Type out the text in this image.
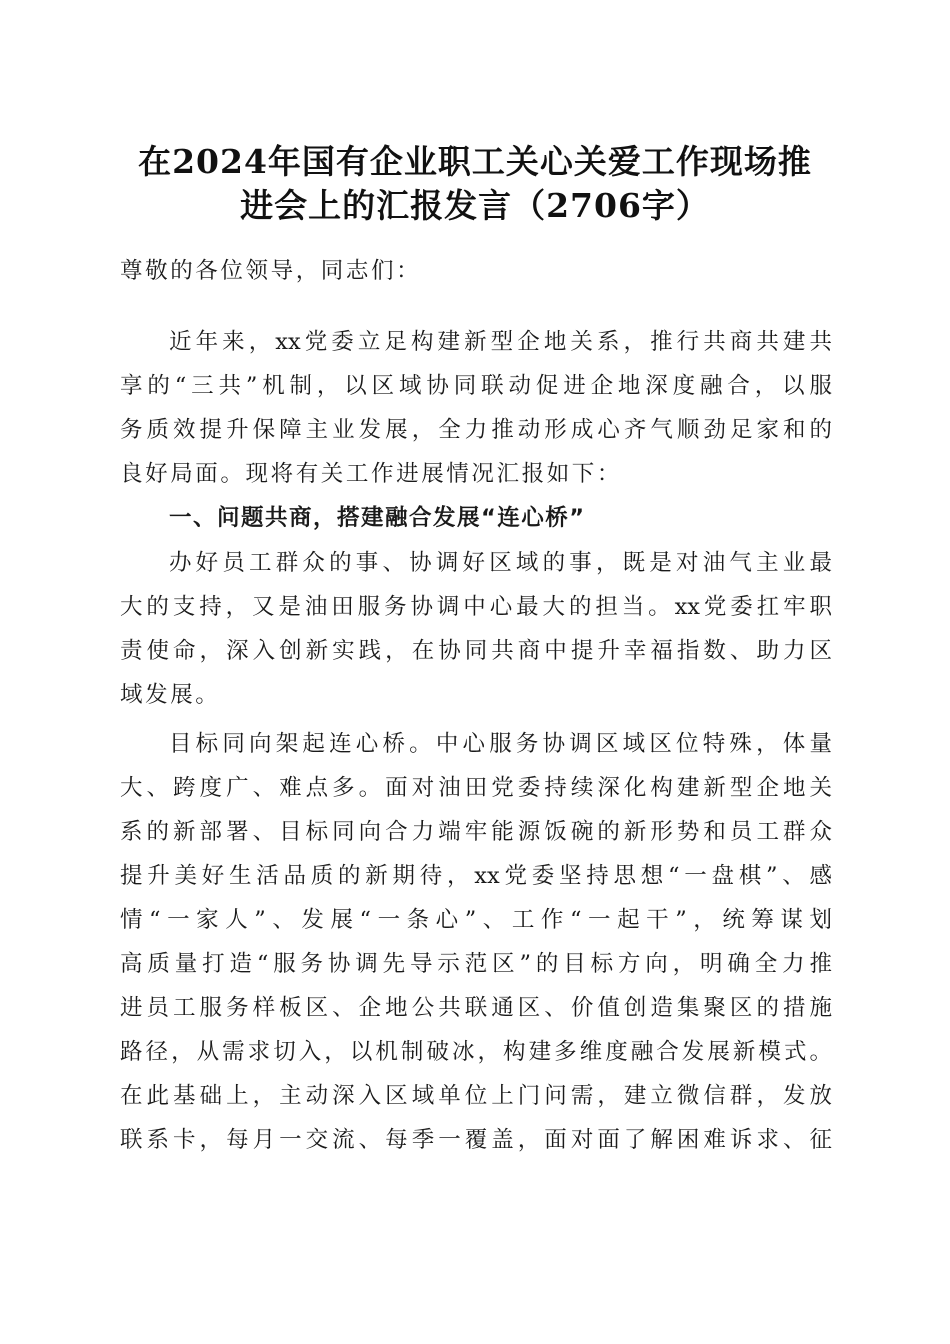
在2024年国有企业职工关心关爱工作现场推
进会上的汇报发言（2706字）
尊敬的各位领导，同志们：
近年来，xx党委立足构建新型企地关系，推行共商共建共
享的“三共”机制，以区域协同联动促进企地深度融合，以服
务质效提升保障主业发展，全力推动形成心齐气顺劲足家和的
良好局面。现将有关工作进展情况汇报如下：
一、问题共商，搭建融合发展“连心桥”
办好员工群众的事、协调好区域的事，既是对油气主业最
大的支持，又是油田服务协调中心最大的担当。xx党委扛牢职
责使命，深入创新实践，在协同共商中提升幸福指数、助力区
域发展。
目标同向架起连心桥。中心服务协调区域区位特殊，体量
大、跨度广、难点多。面对油田党委持续深化构建新型企地关
系的新部署、目标同向合力端牢能源饭碗的新形势和员工群众
提升美好生活品质的新期待，xx党委坚持思想“一盘棋”、感
情“一家人”、发展“一条心”、工作“一起干”，统筹谋划
高质量打造“服务协调先导示范区”的目标方向，明确全力推
进员工服务样板区、企地公共联通区、价值创造集聚区的措施
路径，从需求切入，以机制破冰，构建多维度融合发展新模式。
在此基础上，主动深入区域单位上门问需，建立微信群，发放
联系卡，每月一交流、每季一覆盖，面对面了解困难诉求、征
